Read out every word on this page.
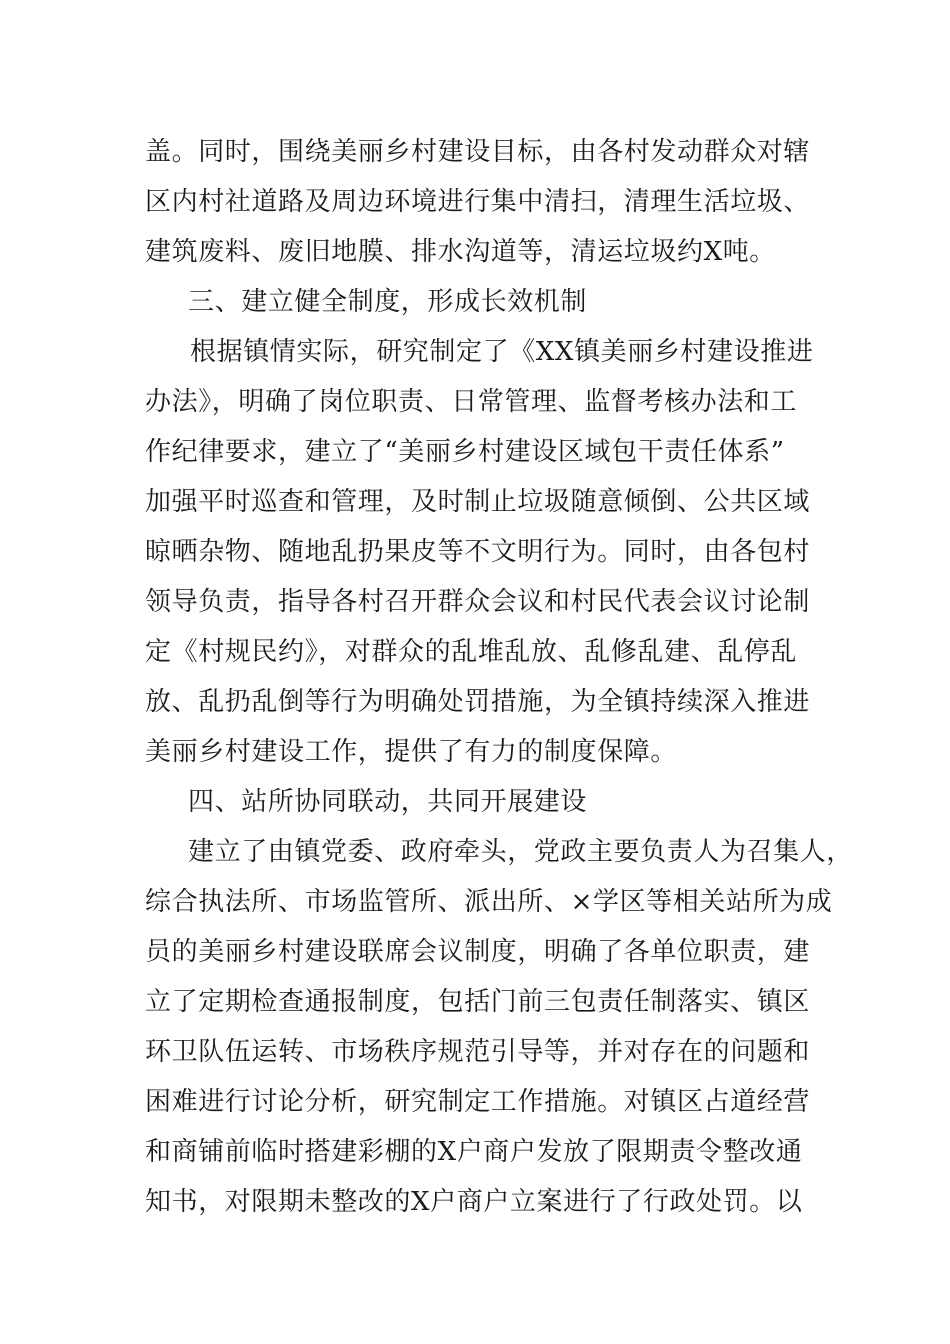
盖。同时，围绕美丽乡村建设目标，由各村发动群众对辖
区内村社道路及周边环境进行集中清扫，清理生活垃圾、
建筑废料、废旧地膜、排水沟道等，清运垃圾约X吨。
三、建立健全制度，形成长效机制
根据镇情实际，研究制定了《XX镇美丽乡村建设推进
办法》，明确了岗位职责、日常管理、监督考核办法和工
作纪律要求，建立了“美丽乡村建设区域包干责任体系”
加强平时巡查和管理，及时制止垃圾随意倾倒、公共区域
晾晒杂物、随地乱扔果皮等不文明行为。同时，由各包村
领导负责，指导各村召开群众会议和村民代表会议讨论制
定《村规民约》，对群众的乱堆乱放、乱修乱建、乱停乱
放、乱扔乱倒等行为明确处罚措施，为全镇持续深入推进
美丽乡村建设工作，提供了有力的制度保障。
四、站所协同联动，共同开展建设
建立了由镇党委、政府牵头，党政主要负责人为召集人，
综合执法所、市场监管所、派出所、×学区等相关站所为成
员的美丽乡村建设联席会议制度，明确了各单位职责，建
立了定期检查通报制度，包括门前三包责任制落实、镇区
环卫队伍运转、市场秩序规范引导等，并对存在的问题和
困难进行讨论分析，研究制定工作措施。对镇区占道经营
和商铺前临时搭建彩棚的X户商户发放了限期责令整改通
知书，对限期未整改的X户商户立案进行了行政处罚。以
